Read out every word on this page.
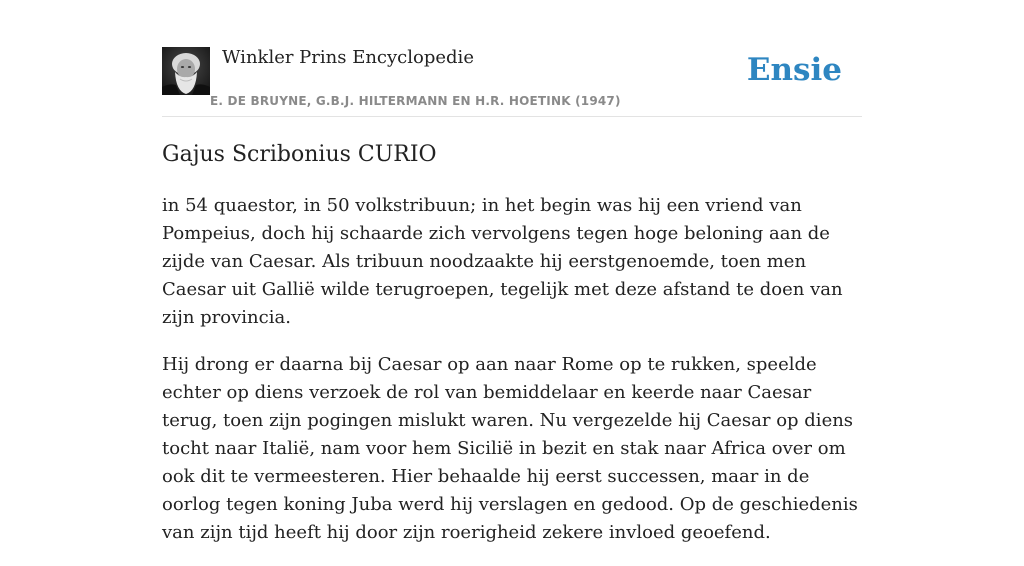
Winkler Prins Encyclopedie
E. DE BRUYNE, G.B.J. HILTERMANN EN H.R. HOETINK (1947)
Ensie
Gajus Scribonius CURIO

in 54 quaestor, in 50 volkstribuun; in het begin was hij een vriend van Pompeius, doch hij schaarde zich vervolgens tegen hoge beloning aan de zijde van Caesar. Als tribuun noodzaakte hij eerstgenoemde, toen men Caesar uit Gallië wilde terugroepen, tegelijk met deze afstand te doen van zijn provincia.

Hij drong er daarna bij Caesar op aan naar Rome op te rukken, speelde echter op diens verzoek de rol van bemiddelaar en keerde naar Caesar terug, toen zijn pogingen mislukt waren. Nu vergezelde hij Caesar op diens tocht naar Italië, nam voor hem Sicilië in bezit en stak naar Africa over om ook dit te vermeesteren. Hier behaalde hij eerst successen, maar in de oorlog tegen koning Juba werd hij verslagen en gedood. Op de geschiedenis van zijn tijd heeft hij door zijn roerigheid zekere invloed geoefend.
